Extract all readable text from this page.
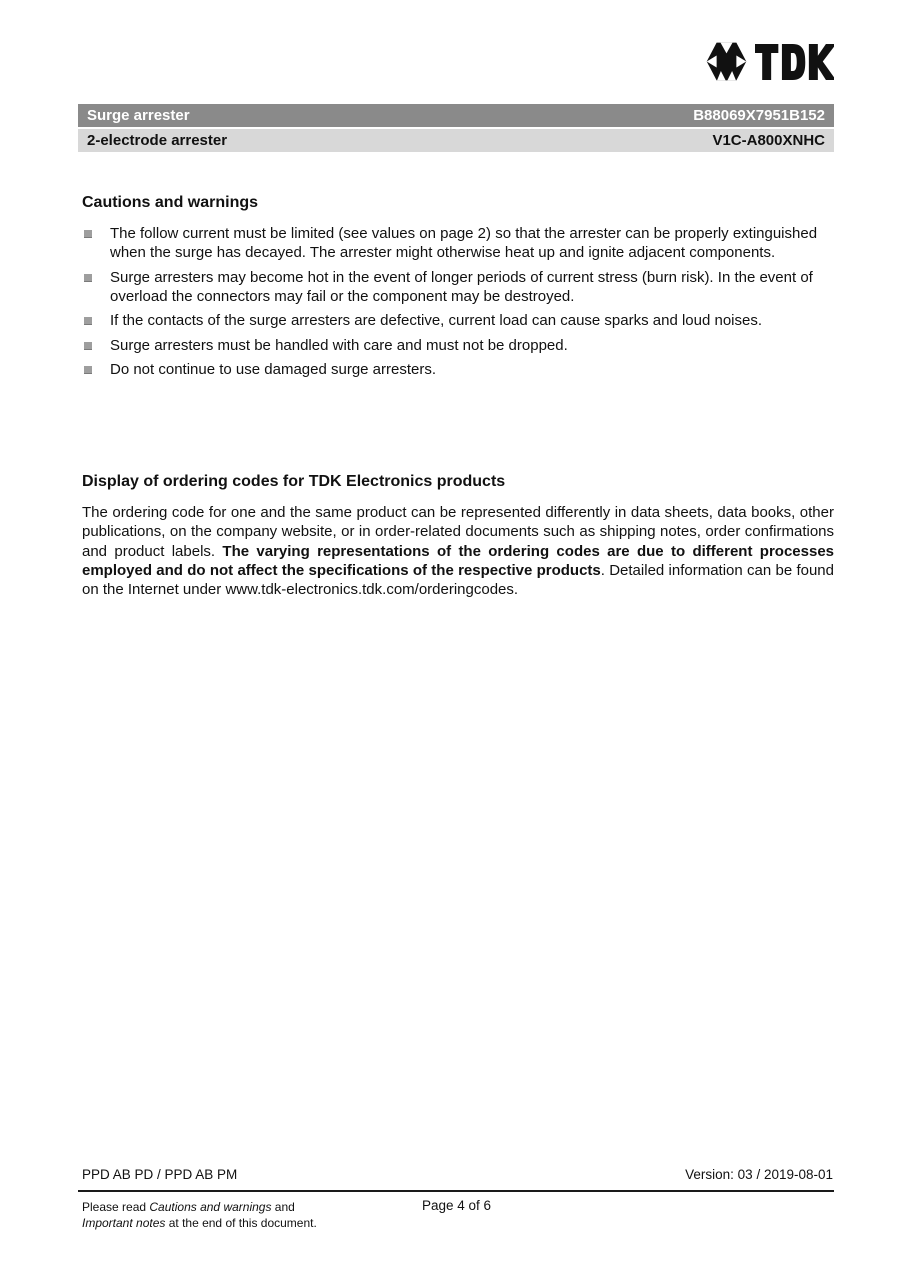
Surge arrester	B88069X7951B152
2-electrode arrester	V1C-A800XNHC
Cautions and warnings
The follow current must be limited (see values on page 2) so that the arrester can be properly extinguished when the surge has decayed. The arrester might otherwise heat up and ignite adjacent components.
Surge arresters may become hot in the event of longer periods of current stress (burn risk). In the event of overload the connectors may fail or the component may be destroyed.
If the contacts of the surge arresters are defective, current load can cause sparks and loud noises.
Surge arresters must be handled with care and must not be dropped.
Do not continue to use damaged surge arresters.
Display of ordering codes for TDK Electronics products

The ordering code for one and the same product can be represented differently in data sheets, data books, other publications, on the company website, or in order-related documents such as shipping notes, order confirmations and product labels. The varying representations of the ordering codes are due to different processes employed and do not affect the specifications of the respective products. Detailed information can be found on the Internet under www.tdk-electronics.tdk.com/orderingcodes.

PPD AB PD / PPD AB PM	Version: 03 / 2019-08-01
Please read Cautions and warnings and
Important notes at the end of this document.
Page 4 of 6
